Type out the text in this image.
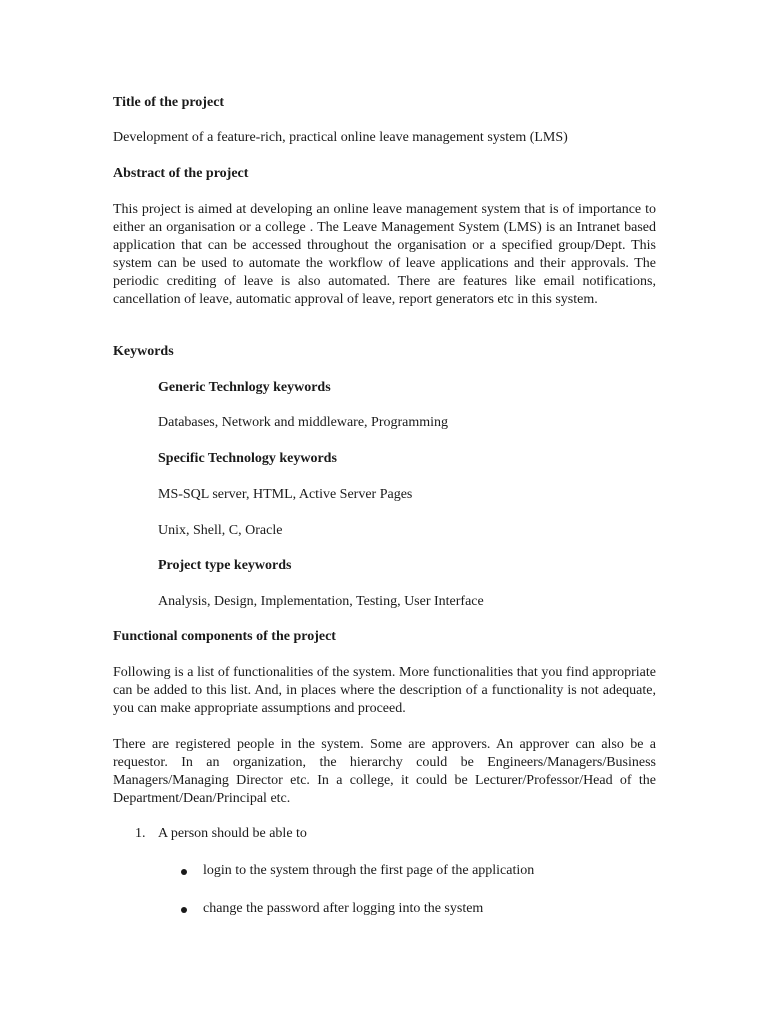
Title of the project
Development of a feature-rich, practical online leave management system (LMS)
Abstract of the project
This project is aimed at developing an online leave management system that is of importance to either an organisation or a college . The Leave Management System (LMS) is an Intranet based application that can be accessed throughout the organisation or a specified group/Dept. This system can be used to automate the workflow of leave applications and their approvals. The periodic crediting of leave is also automated. There are features like email notifications, cancellation of leave, automatic approval of leave, report generators etc in this system.
Keywords
Generic Technlogy keywords
Databases, Network and middleware, Programming
Specific Technology keywords
MS-SQL server, HTML, Active Server Pages
Unix, Shell, C, Oracle
Project type keywords
Analysis, Design, Implementation, Testing, User Interface
Functional components of the project
Following is a list of functionalities of the system. More functionalities that you find appropriate can be added to this list. And, in places where the description of a functionality is not adequate, you can make appropriate assumptions and proceed.
There are registered people in the system. Some are approvers. An approver can also be a requestor. In an organization, the hierarchy could be Engineers/Managers/Business Managers/Managing Director etc. In a college, it could be Lecturer/Professor/Head of the Department/Dean/Principal etc.
1. A person should be able to
login to the system through the first page of the application
change the password after logging into the system
